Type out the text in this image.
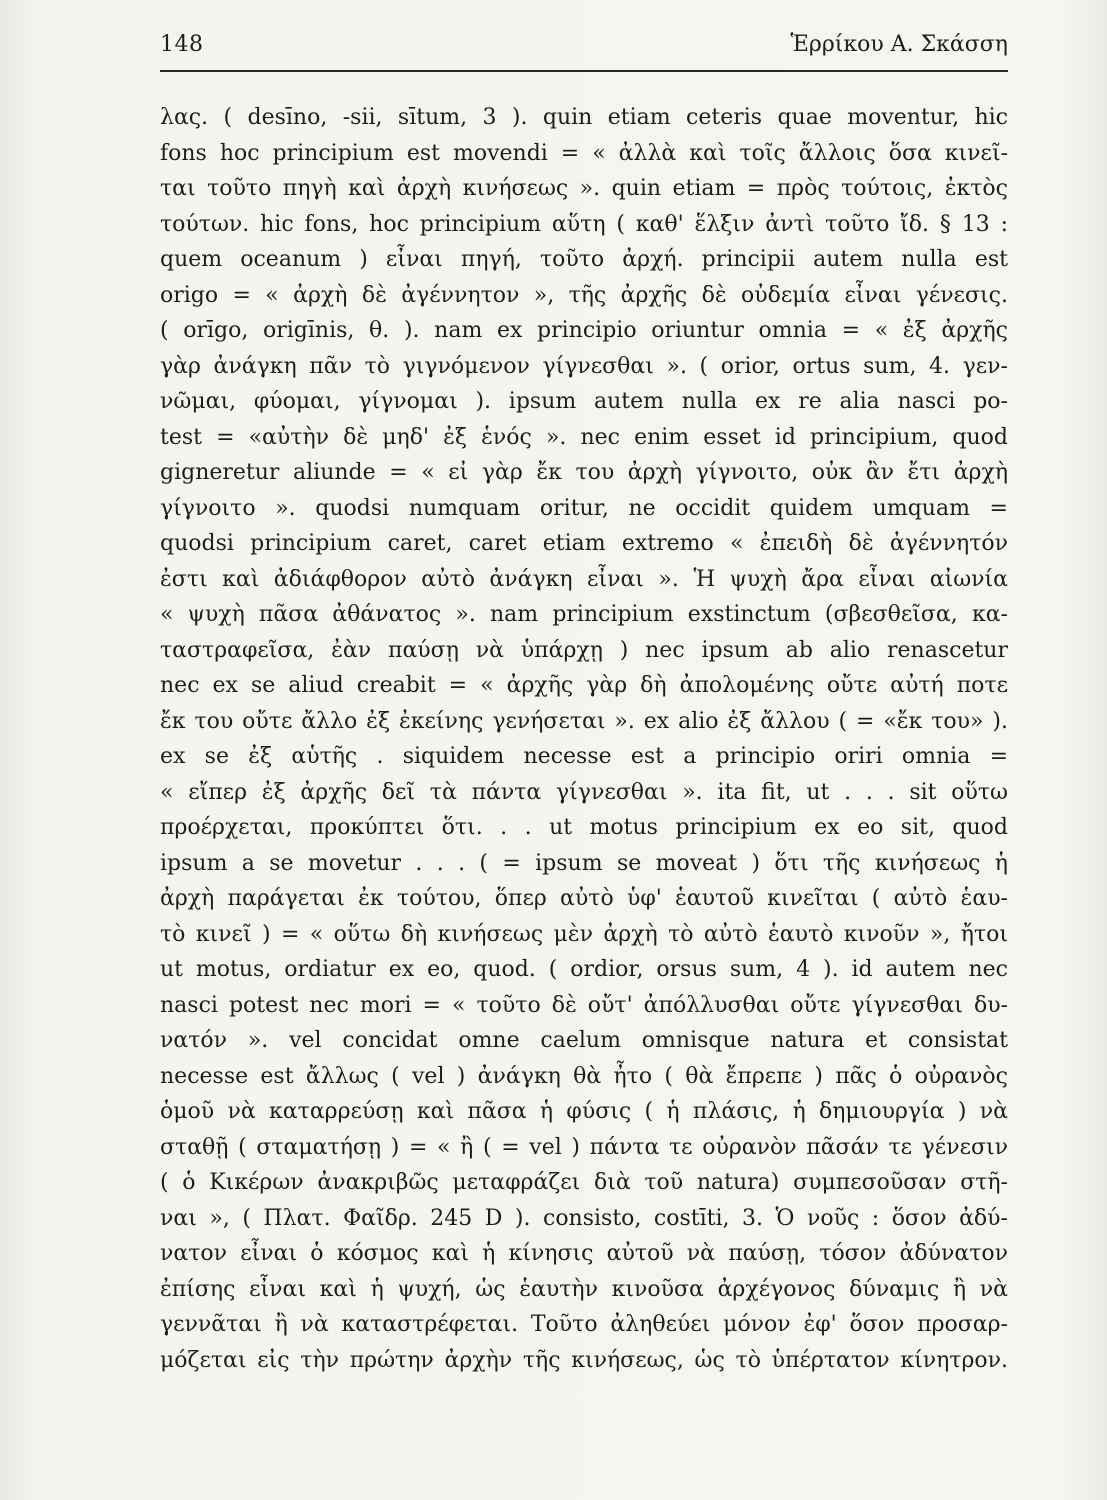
148	Ἑρρίκου Α. Σκάσση
λας. ( desīno, -sii, sītum, 3 ). quin etiam ceteris quae moventur, hic
fons hoc principium est movendi = « ἀλλὰ καὶ τοῖς ἄλλοις ὅσα κινεῖ-
ται τοῦτο πηγὴ καὶ ἀρχὴ κινήσεως ». quin etiam = πρὸς τούτοις, ἐκτὸς
τούτων. hic fons, hoc principium αὕτη ( καθ' ἕλξιν ἀντὶ τοῦτο ἴδ. § 13 :
quem oceanum ) εἶναι πηγή, τοῦτο ἀρχή. principii autem nulla est
origo = « ἀρχὴ δὲ ἀγέννητον », τῆς ἀρχῆς δὲ οὐδεμία εἶναι γένεσις.
( orīgo, origīnis, θ. ). nam ex principio oriuntur omnia = « ἐξ ἀρχῆς
γὰρ ἀνάγκη πᾶν τὸ γιγνόμενον γίγνεσθαι ». ( orior, ortus sum, 4. γεν-
νῶμαι, φύομαι, γίγνομαι ). ipsum autem nulla ex re alia nasci po-
test = «αὐτὴν δὲ μηδ' ἐξ ἑνός ». nec enim esset id principium, quod
gigneretur aliunde = « εἰ γὰρ ἔκ του ἀρχὴ γίγνοιτο, οὐκ ἂν ἔτι ἀρχὴ
γίγνοιτο ». quodsi numquam oritur, ne occidit quidem umquam =
quodsi principium caret, caret etiam extremo « ἐπειδὴ δὲ ἀγέννητόν
ἐστι καὶ ἀδιάφθορον αὐτὸ ἀνάγκη εἶναι ». Ἡ ψυχὴ ἄρα εἶναι αἰωνία
« ψυχὴ πᾶσα ἀθάνατος ». nam principium exstinctum (σβεσθεῖσα, κα-
ταστραφεῖσα, ἐὰν παύσῃ νὰ ὑπάρχῃ ) nec ipsum ab alio renascetur
nec ex se aliud creabit = « ἀρχῆς γὰρ δὴ ἀπολομένης οὔτε αὐτή ποτε
ἔκ του οὔτε ἄλλο ἐξ ἐκείνης γενήσεται ». ex alio ἐξ ἄλλου ( = «ἔκ του» ).
ex se ἐξ αὑτῆς . siquidem necesse est a principio oriri omnia =
« εἴπερ ἐξ ἀρχῆς δεῖ τὰ πάντα γίγνεσθαι ». ita fit, ut . . . sit οὕτω
προέρχεται, προκύπτει ὅτι. . . ut motus principium ex eo sit, quod
ipsum a se movetur . . . ( = ipsum se moveat ) ὅτι τῆς κινήσεως ἡ
ἀρχὴ παράγεται ἐκ τούτου, ὅπερ αὐτὸ ὑφ' ἑαυτοῦ κινεῖται ( αὐτὸ ἑαυ-
τὸ κινεῖ ) = « οὕτω δὴ κινήσεως μὲν ἀρχὴ τὸ αὐτὸ ἑαυτὸ κινοῦν », ἤτοι
ut motus, ordiatur ex eo, quod. ( ordior, orsus sum, 4 ). id autem nec
nasci potest nec mori = « τοῦτο δὲ οὔτ' ἀπόλλυσθαι οὔτε γίγνεσθαι δυ-
νατόν ». vel concidat omne caelum omnisque natura et consistat
necesse est ἄλλως ( vel ) ἀνάγκη θὰ ἦτο ( θὰ ἔπρεπε ) πᾶς ὁ οὐρανὸς
ὁμοῦ νὰ καταρρεύσῃ καὶ πᾶσα ἡ φύσις ( ἡ πλάσις, ἡ δημιουργία ) νὰ
σταθῇ ( σταματήσῃ ) = « ἢ ( = vel ) πάντα τε οὐρανὸν πᾶσάν τε γένεσιν
( ὁ Κικέρων ἀνακριβῶς μεταφράζει διὰ τοῦ natura) συμπεσοῦσαν στῆ-
ναι », ( Πλατ. Φαῖδρ. 245 D ). consisto, costīti, 3. Ὁ νοῦς : ὅσον ἀδύ-
νατον εἶναι ὁ κόσμος καὶ ἡ κίνησις αὐτοῦ νὰ παύσῃ, τόσον ἀδύνατον
ἐπίσης εἶναι καὶ ἡ ψυχή, ὡς ἑαυτὴν κινοῦσα ἀρχέγονος δύναμις ἢ νὰ
γεννᾶται ἢ νὰ καταστρέφεται. Τοῦτο ἀληθεύει μόνον ἐφ' ὅσον προσαρ-
μόζεται εἰς τὴν πρώτην ἀρχὴν τῆς κινήσεως, ὡς τὸ ὑπέρτατον κίνητρον.
